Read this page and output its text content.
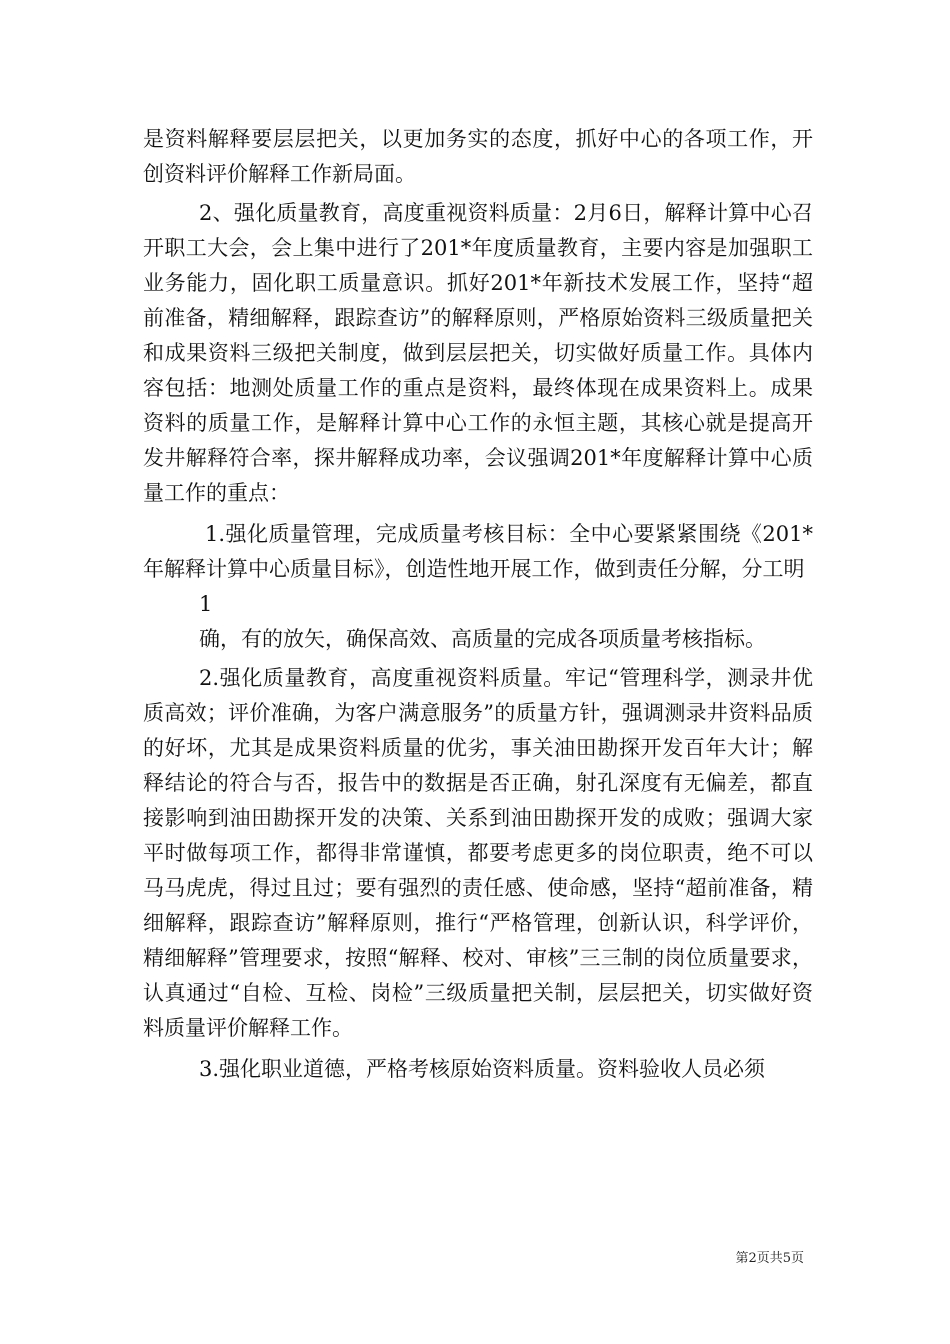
是资料解释要层层把关，以更加务实的态度，抓好中心的各项工作，开创资料评价解释工作新局面。

2、强化质量教育，高度重视资料质量：2月6日，解释计算中心召开职工大会，会上集中进行了201*年度质量教育，主要内容是加强职工业务能力，固化职工质量意识。抓好201*年新技术发展工作，坚持“超前准备，精细解释，跟踪查访”的解释原则，严格原始资料三级质量把关和成果资料三级把关制度，做到层层把关，切实做好质量工作。具体内容包括：地测处质量工作的重点是资料，最终体现在成果资料上。成果资料的质量工作，是解释计算中心工作的永恒主题，其核心就是提高开发井解释符合率，探井解释成功率，会议强调201*年度解释计算中心质量工作的重点：

1.强化质量管理，完成质量考核目标：全中心要紧紧围绕《201*年解释计算中心质量目标》，创造性地开展工作，做到责任分解，分工明

1

确，有的放矢，确保高效、高质量的完成各项质量考核指标。

2.强化质量教育，高度重视资料质量。牢记“管理科学，测录井优质高效；评价准确，为客户满意服务”的质量方针，强调测录井资料品质的好坏，尤其是成果资料质量的优劣，事关油田勘探开发百年大计；解释结论的符合与否，报告中的数据是否正确，射孔深度有无偏差，都直接影响到油田勘探开发的决策、关系到油田勘探开发的成败；强调大家平时做每项工作，都得非常谨慎，都要考虑更多的岗位职责，绝不可以马马虎虎，得过且过；要有强烈的责任感、使命感，坚持“超前准备，精细解释，跟踪查访”解释原则，推行“严格管理，创新认识，科学评价，精细解释”管理要求，按照“解释、校对、审核”三三制的岗位质量要求，认真通过“自检、互检、岗检”三级质量把关制，层层把关，切实做好资料质量评价解释工作。

3.强化职业道德，严格考核原始资料质量。资料验收人员必须

第2页共5页
